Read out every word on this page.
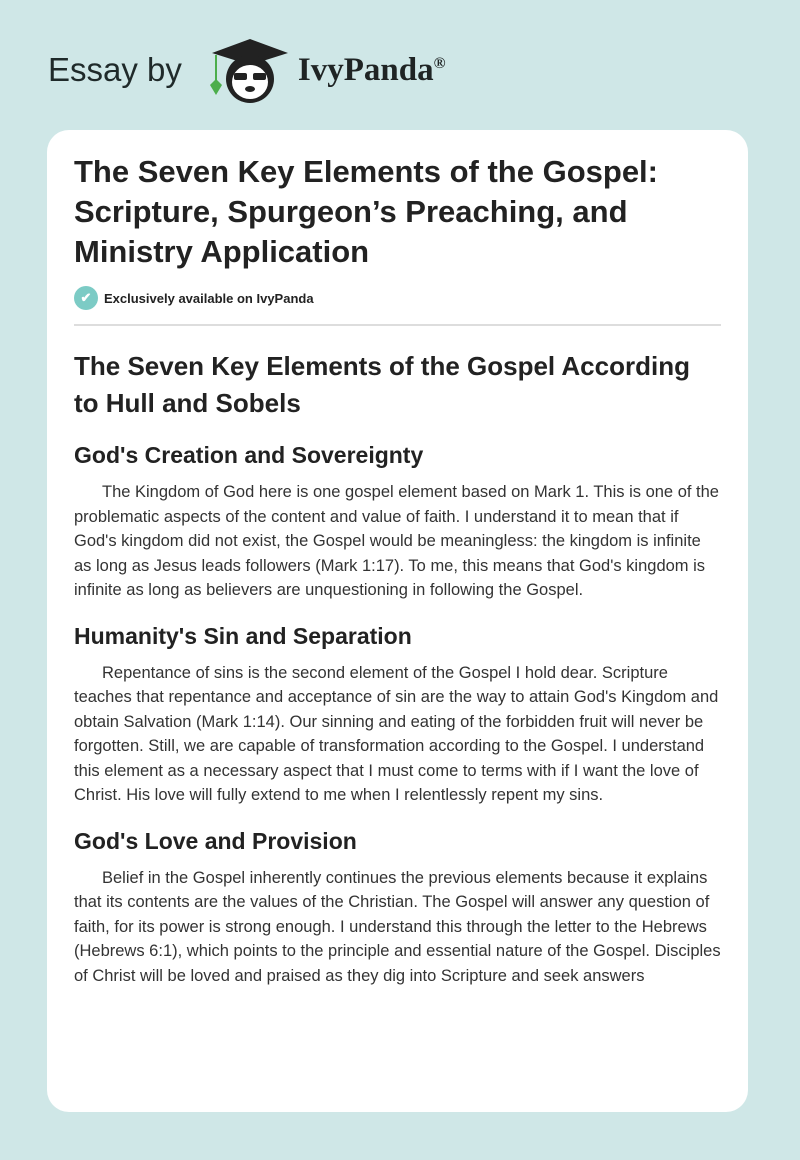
Essay by	IvyPanda®
The Seven Key Elements of the Gospel: Scripture, Spurgeon’s Preaching, and Ministry Application
✔ Exclusively available on IvyPanda
The Seven Key Elements of the Gospel According to Hull and Sobels
God's Creation and Sovereignty

The Kingdom of God here is one gospel element based on Mark 1. This is one of the problematic aspects of the content and value of faith. I understand it to mean that if God's kingdom did not exist, the Gospel would be meaningless: the kingdom is infinite as long as Jesus leads followers (Mark 1:17). To me, this means that God's kingdom is infinite as long as believers are unquestioning in following the Gospel.

Humanity's Sin and Separation

Repentance of sins is the second element of the Gospel I hold dear. Scripture teaches that repentance and acceptance of sin are the way to attain God's Kingdom and obtain Salvation (Mark 1:14). Our sinning and eating of the forbidden fruit will never be forgotten. Still, we are capable of transformation according to the Gospel. I understand this element as a necessary aspect that I must come to terms with if I want the love of Christ. His love will fully extend to me when I relentlessly repent my sins.

God's Love and Provision

Belief in the Gospel inherently continues the previous elements because it explains that its contents are the values of the Christian. The Gospel will answer any question of faith, for its power is strong enough. I understand this through the letter to the Hebrews (Hebrews 6:1), which points to the principle and essential nature of the Gospel. Disciples of Christ will be loved and praised as they dig into Scripture and seek answers
